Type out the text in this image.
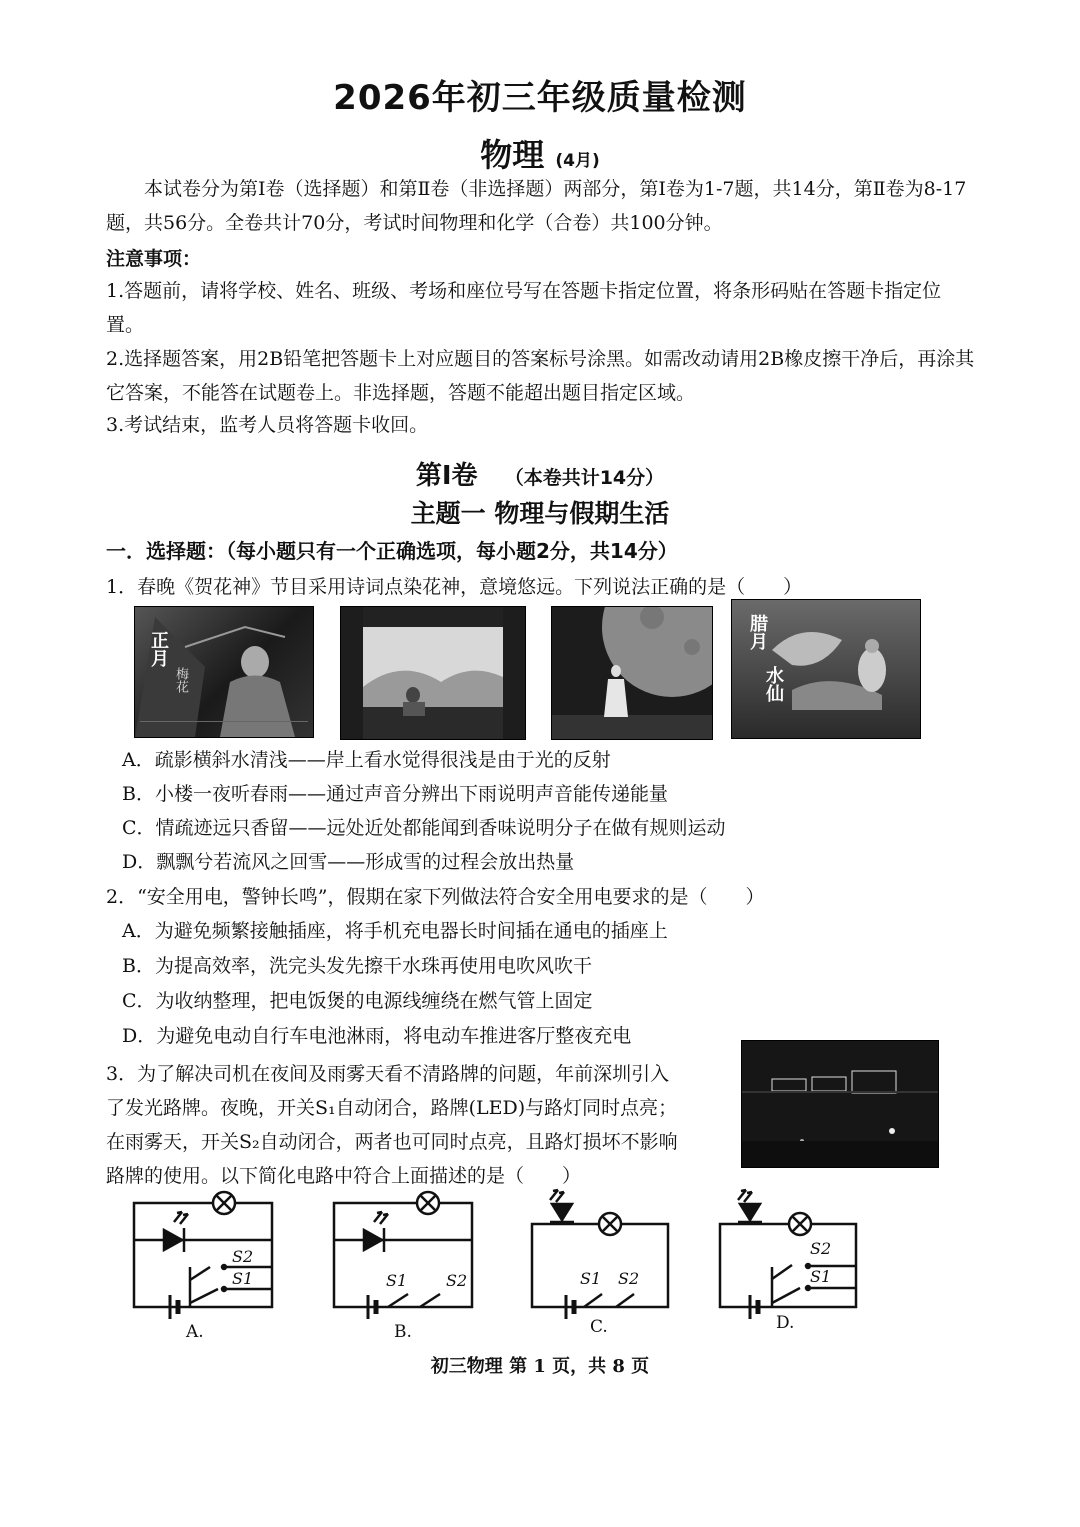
2026年初三年级质量检测
物理 (4月)
本试卷分为第Ⅰ卷（选择题）和第Ⅱ卷（非选择题）两部分，第Ⅰ卷为1-7题，共14分，第Ⅱ卷为8-17题，共56分。全卷共计70分，考试时间物理和化学（合卷）共100分钟。
注意事项：
1.答题前，请将学校、姓名、班级、考场和座位号写在答题卡指定位置，将条形码贴在答题卡指定位置。
2.选择题答案，用2B铅笔把答题卡上对应题目的答案标号涂黑。如需改动请用2B橡皮擦干净后，再涂其它答案，不能答在试题卷上。非选择题，答题不能超出题目指定区域。
3.考试结束，监考人员将答题卡收回。
第Ⅰ卷 （本卷共计14分）
主题一 物理与假期生活
一．选择题：（每小题只有一个正确选项，每小题2分，共14分）
1．春晚《贺花神》节目采用诗词点染花神，意境悠远。下列说法正确的是（　　）
正月
梅花
腊月
水仙
A．疏影横斜水清浅——岸上看水觉得很浅是由于光的反射
B．小楼一夜听春雨——通过声音分辨出下雨说明声音能传递能量
C．情疏迹远只香留——远处近处都能闻到香味说明分子在做有规则运动
D．飘飘兮若流风之回雪——形成雪的过程会放出热量
2．“安全用电，警钟长鸣”，假期在家下列做法符合安全用电要求的是（　　）
A．为避免频繁接触插座，将手机充电器长时间插在通电的插座上
B．为提高效率，洗完头发先擦干水珠再使用电吹风吹干
C．为收纳整理，把电饭煲的电源线缠绕在燃气管上固定
D．为避免电动自行车电池淋雨，将电动车推进客厅整夜充电
3．为了解决司机在夜间及雨雾天看不清路牌的问题，年前深圳引入
了发光路牌。夜晚，开关S₁自动闭合，路牌(LED)与路灯同时点亮；
在雨雾天，开关S₂自动闭合，两者也可同时点亮，且路灯损坏不影响
路牌的使用。以下简化电路中符合上面描述的是（　　）
S2
S1	S1 S2	S1 S2
S2
S1
A.	B.	C.	D.
初三物理 第 1 页，共 8 页
